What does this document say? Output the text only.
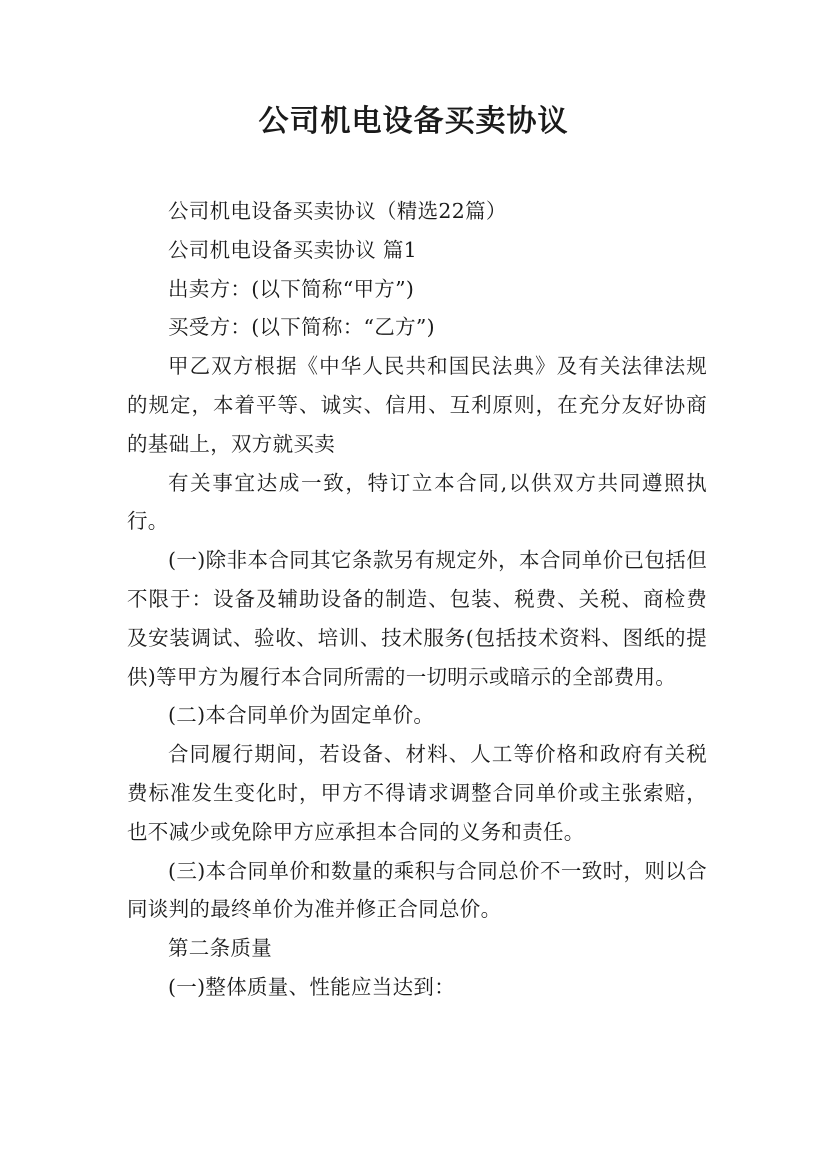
公司机电设备买卖协议

公司机电设备买卖协议（精选22篇）

公司机电设备买卖协议 篇1

出卖方：(以下简称“甲方”)

买受方：(以下简称：“乙方”)

甲乙双方根据《中华人民共和国民法典》及有关法律法规的规定，本着平等、诚实、信用、互利原则，在充分友好协商的基础上，双方就买卖

有关事宜达成一致，特订立本合同,以供双方共同遵照执行。

(一)除非本合同其它条款另有规定外，本合同单价已包括但不限于：设备及辅助设备的制造、包装、税费、关税、商检费及安装调试、验收、培训、技术服务(包括技术资料、图纸的提供)等甲方为履行本合同所需的一切明示或暗示的全部费用。

(二)本合同单价为固定单价。

合同履行期间，若设备、材料、人工等价格和政府有关税费标准发生变化时，甲方不得请求调整合同单价或主张索赔，也不减少或免除甲方应承担本合同的义务和责任。

(三)本合同单价和数量的乘积与合同总价不一致时，则以合同谈判的最终单价为准并修正合同总价。

第二条质量

(一)整体质量、性能应当达到：
